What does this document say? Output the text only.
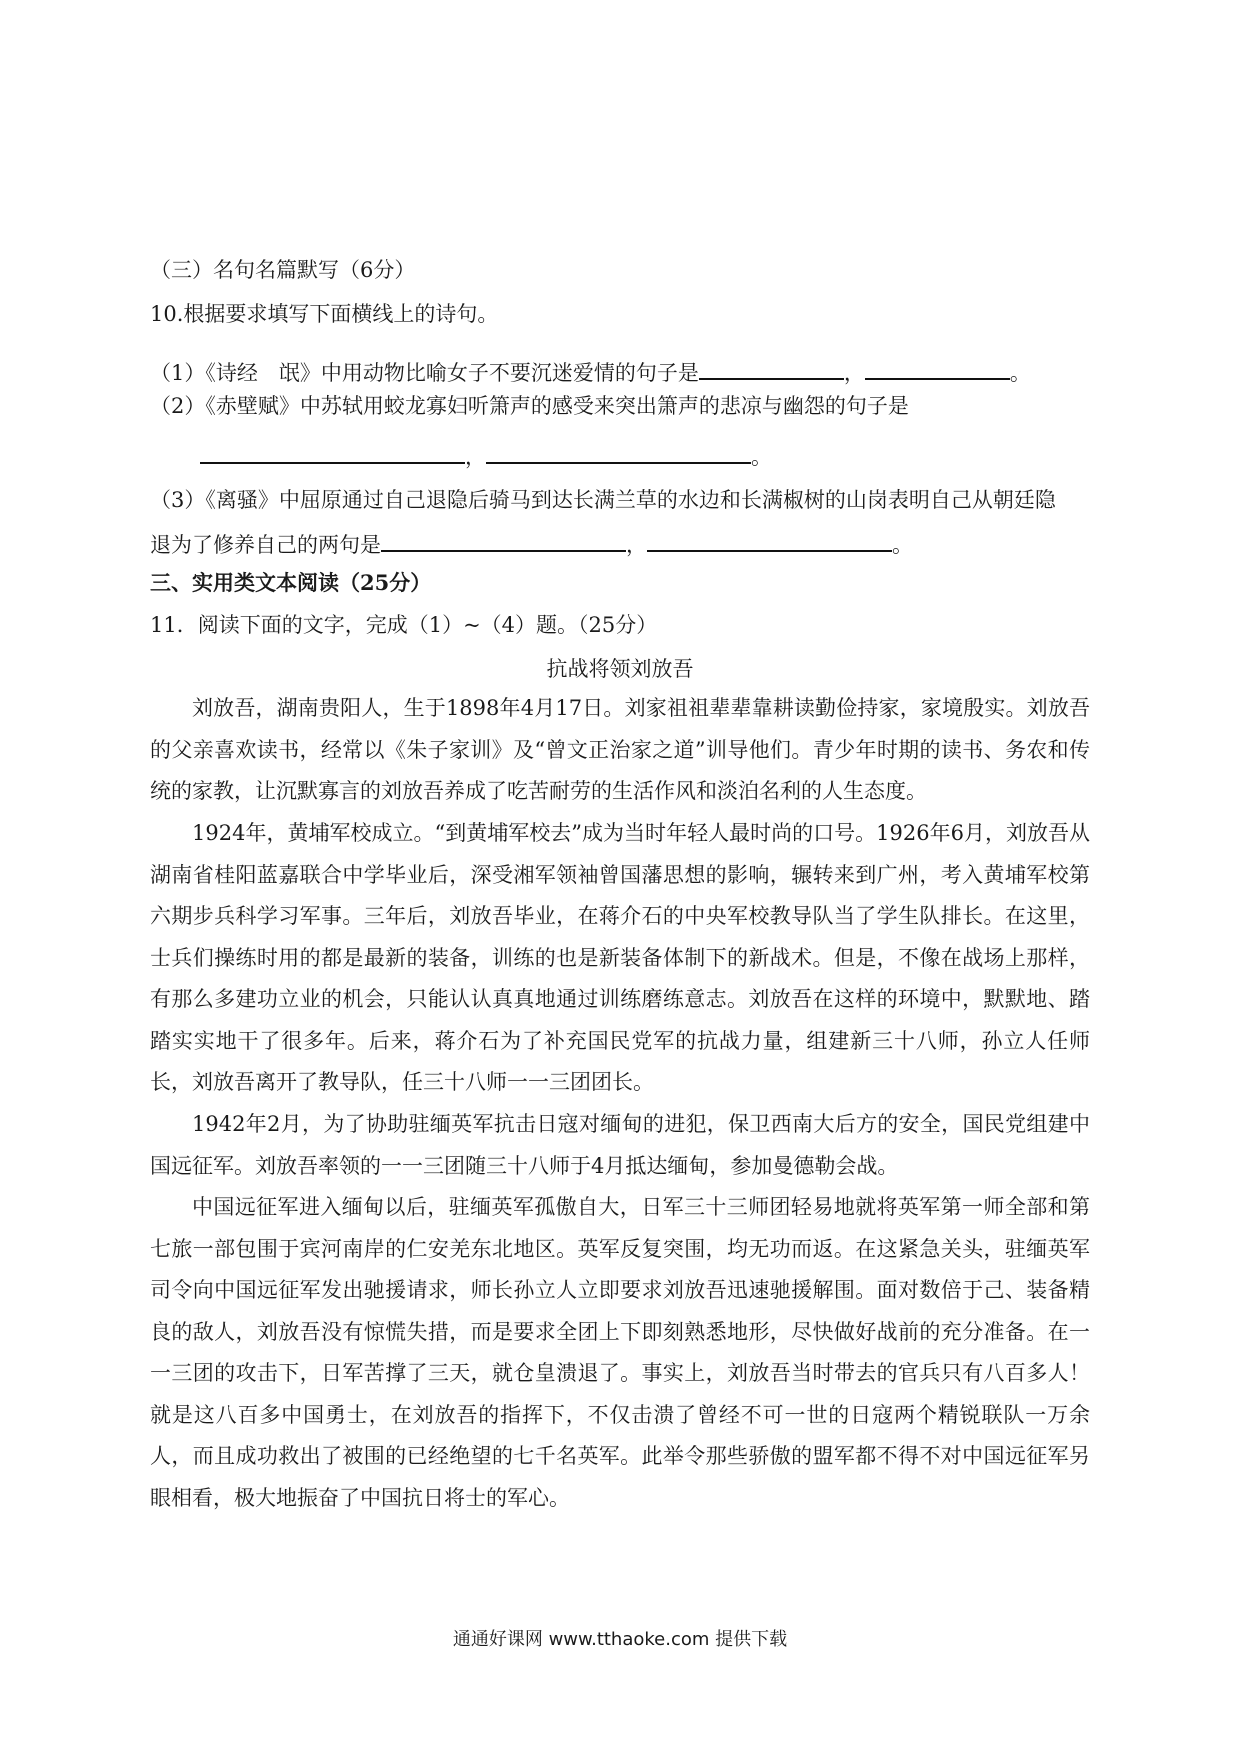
（三）名句名篇默写（6分）
10.根据要求填写下面横线上的诗句。
（1）《诗经　氓》中用动物比喻女子不要沉迷爱情的句子是	，	。
（2）《赤壁赋》中苏轼用蛟龙寡妇听箫声的感受来突出箫声的悲凉与幽怨的句子是
，	。
（3）《离骚》中屈原通过自己退隐后骑马到达长满兰草的水边和长满椒树的山岗表明自己从朝廷隐
退为了修养自己的两句是	，	。
三、实用类文本阅读（25分）
11．阅读下面的文字，完成（1）~（4）题。（25分）
抗战将领刘放吾
刘放吾，湖南贵阳人，生于1898年4月17日。刘家祖祖辈辈靠耕读勤俭持家，家境殷实。刘放吾的父亲喜欢读书，经常以《朱子家训》及“曾文正治家之道”训导他们。青少年时期的读书、务农和传统的家教，让沉默寡言的刘放吾养成了吃苦耐劳的生活作风和淡泊名利的人生态度。
1924年，黄埔军校成立。“到黄埔军校去”成为当时年轻人最时尚的口号。1926年6月，刘放吾从湖南省桂阳蓝嘉联合中学毕业后，深受湘军领袖曾国藩思想的影响，辗转来到广州，考入黄埔军校第六期步兵科学习军事。三年后，刘放吾毕业，在蒋介石的中央军校教导队当了学生队排长。在这里，士兵们操练时用的都是最新的装备，训练的也是新装备体制下的新战术。但是，不像在战场上那样，有那么多建功立业的机会，只能认认真真地通过训练磨练意志。刘放吾在这样的环境中，默默地、踏踏实实地干了很多年。后来，蒋介石为了补充国民党军的抗战力量，组建新三十八师，孙立人任师长，刘放吾离开了教导队，任三十八师一一三团团长。
1942年2月，为了协助驻缅英军抗击日寇对缅甸的进犯，保卫西南大后方的安全，国民党组建中国远征军。刘放吾率领的一一三团随三十八师于4月抵达缅甸，参加曼德勒会战。
中国远征军进入缅甸以后，驻缅英军孤傲自大，日军三十三师团轻易地就将英军第一师全部和第七旅一部包围于宾河南岸的仁安羌东北地区。英军反复突围，均无功而返。在这紧急关头，驻缅英军司令向中国远征军发出驰援请求，师长孙立人立即要求刘放吾迅速驰援解围。面对数倍于己、装备精良的敌人，刘放吾没有惊慌失措，而是要求全团上下即刻熟悉地形，尽快做好战前的充分准备。在一一三团的攻击下，日军苦撑了三天，就仓皇溃退了。事实上，刘放吾当时带去的官兵只有八百多人！就是这八百多中国勇士，在刘放吾的指挥下，不仅击溃了曾经不可一世的日寇两个精锐联队一万余人，而且成功救出了被围的已经绝望的七千名英军。此举令那些骄傲的盟军都不得不对中国远征军另眼相看，极大地振奋了中国抗日将士的军心。
通通好课网 www.tthaoke.com 提供下载
